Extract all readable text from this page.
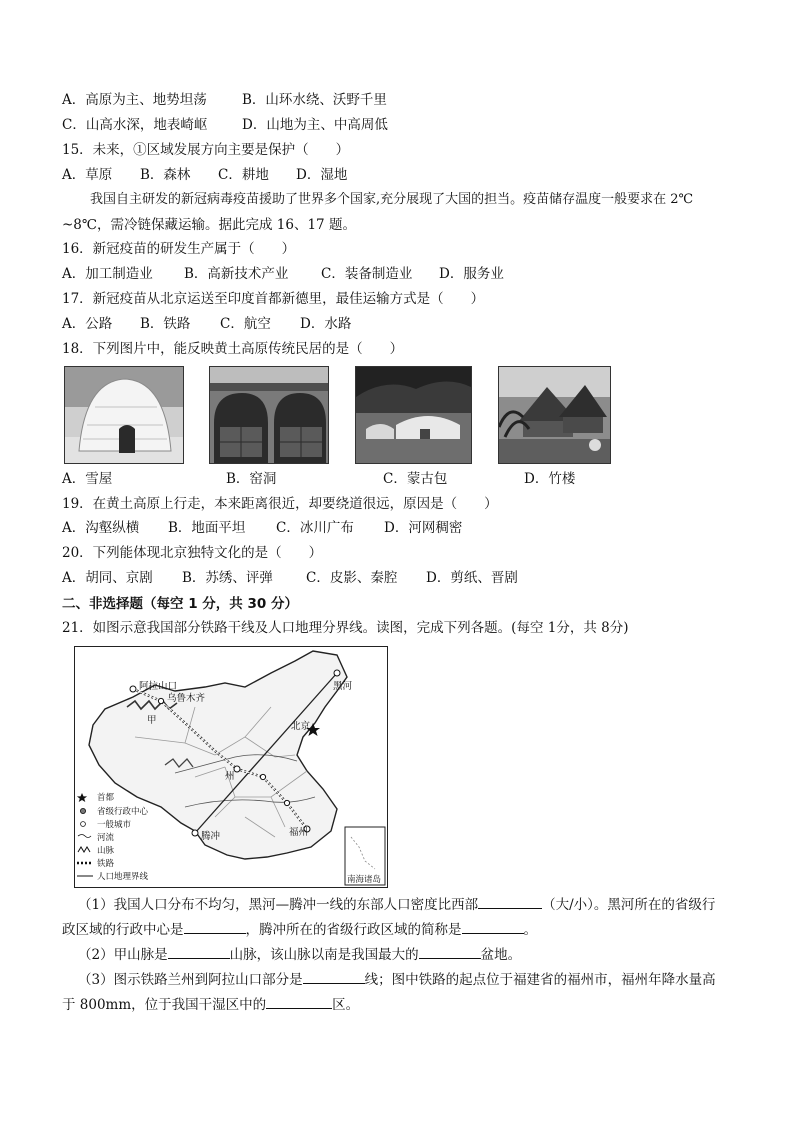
A．高原为主、地势坦荡	B．山环水绕、沃野千里
C．山高水深，地表崎岖	D．山地为主、中高周低
15．未来，①区域发展方向主要是保护（　　）
A．草原 B．森林 C．耕地 D．湿地
我国自主研发的新冠病毒疫苗援助了世界多个国家,充分展现了大国的担当。疫苗储存温度一般要求在 2℃
~8℃，需冷链保藏运输。据此完成 16、17 题。
16．新冠疫苗的研发生产属于（　　）
A．加工制造业 B．高新技术产业 C．装备制造业 D．服务业
17．新冠疫苗从北京运送至印度首都新德里，最佳运输方式是（　　）
A．公路 B．铁路 C．航空 D．水路
18．下列图片中，能反映黄土高原传统民居的是（　　）
A．雪屋	B．窑洞	C．蒙古包	D．竹楼
19．在黄土高原上行走，本来距离很近，却要绕道很远，原因是（　　）
A．沟壑纵横 B．地面平坦 C．冰川广布 D．河网稠密
20．下列能体现北京独特文化的是（　　）
A．胡同、京剧 B．苏绣、评弹 C．皮影、秦腔 D．剪纸、晋剧
二、非选择题（每空 1 分，共 30 分）
21．如图示意我国部分铁路干线及人口地理分界线。读图，完成下列各题。(每空 1分，共 8分)
阿拉山口
乌鲁木齐
甲
黑河
北京
州
腾冲	福州
南海诸岛
首都
省级行政中心
一般城市
河流
山脉
铁路
人口地理界线
（1）我国人口分布不均匀，黑河—腾冲一线的东部人口密度比西部	（大/小）。黑河所在的省级行
政区域的行政中心是	，腾冲所在的省级行政区域的简称是	。
（2）甲山脉是	山脉，该山脉以南是我国最大的	盆地。
（3）图示铁路兰州到阿拉山口部分是	线；图中铁路的起点位于福建省的福州市，福州年降水量高
于 800mm，位于我国干湿区中的	区。
